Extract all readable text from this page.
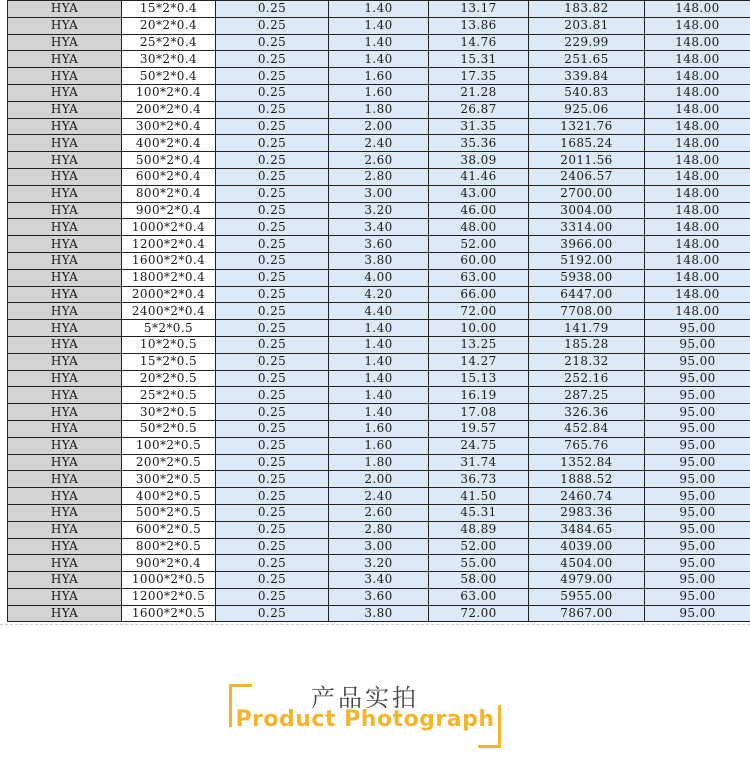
HYA	15*2*0.4	0.25	1.40	13.17	183.82	148.00
HYA	20*2*0.4	0.25	1.40	13.86	203.81	148.00
HYA	25*2*0.4	0.25	1.40	14.76	229.99	148.00
HYA	30*2*0.4	0.25	1.40	15.31	251.65	148.00
HYA	50*2*0.4	0.25	1.60	17.35	339.84	148.00
HYA	100*2*0.4	0.25	1.60	21.28	540.83	148.00
HYA	200*2*0.4	0.25	1.80	26.87	925.06	148.00
HYA	300*2*0.4	0.25	2.00	31.35	1321.76	148.00
HYA	400*2*0.4	0.25	2.40	35.36	1685.24	148.00
HYA	500*2*0.4	0.25	2.60	38.09	2011.56	148.00
HYA	600*2*0.4	0.25	2.80	41.46	2406.57	148.00
HYA	800*2*0.4	0.25	3.00	43.00	2700.00	148.00
HYA	900*2*0.4	0.25	3.20	46.00	3004.00	148.00
HYA	1000*2*0.4	0.25	3.40	48.00	3314.00	148.00
HYA	1200*2*0.4	0.25	3.60	52.00	3966.00	148.00
HYA	1600*2*0.4	0.25	3.80	60.00	5192.00	148.00
HYA	1800*2*0.4	0.25	4.00	63.00	5938.00	148.00
HYA	2000*2*0.4	0.25	4.20	66.00	6447.00	148.00
HYA	2400*2*0.4	0.25	4.40	72.00	7708.00	148.00
HYA	5*2*0.5	0.25	1.40	10.00	141.79	95.00
HYA	10*2*0.5	0.25	1.40	13.25	185.28	95.00
HYA	15*2*0.5	0.25	1.40	14.27	218.32	95.00
HYA	20*2*0.5	0.25	1.40	15.13	252.16	95.00
HYA	25*2*0.5	0.25	1.40	16.19	287.25	95.00
HYA	30*2*0.5	0.25	1.40	17.08	326.36	95.00
HYA	50*2*0.5	0.25	1.60	19.57	452.84	95.00
HYA	100*2*0.5	0.25	1.60	24.75	765.76	95.00
HYA	200*2*0.5	0.25	1.80	31.74	1352.84	95.00
HYA	300*2*0.5	0.25	2.00	36.73	1888.52	95.00
HYA	400*2*0.5	0.25	2.40	41.50	2460.74	95.00
HYA	500*2*0.5	0.25	2.60	45.31	2983.36	95.00
HYA	600*2*0.5	0.25	2.80	48.89	3484.65	95.00
HYA	800*2*0.5	0.25	3.00	52.00	4039.00	95.00
HYA	900*2*0.4	0.25	3.20	55.00	4504.00	95.00
HYA	1000*2*0.5	0.25	3.40	58.00	4979.00	95.00
HYA	1200*2*0.5	0.25	3.60	63.00	5955.00	95.00
HYA	1600*2*0.5	0.25	3.80	72.00	7867.00	95.00
产品实拍
Product Photograph
